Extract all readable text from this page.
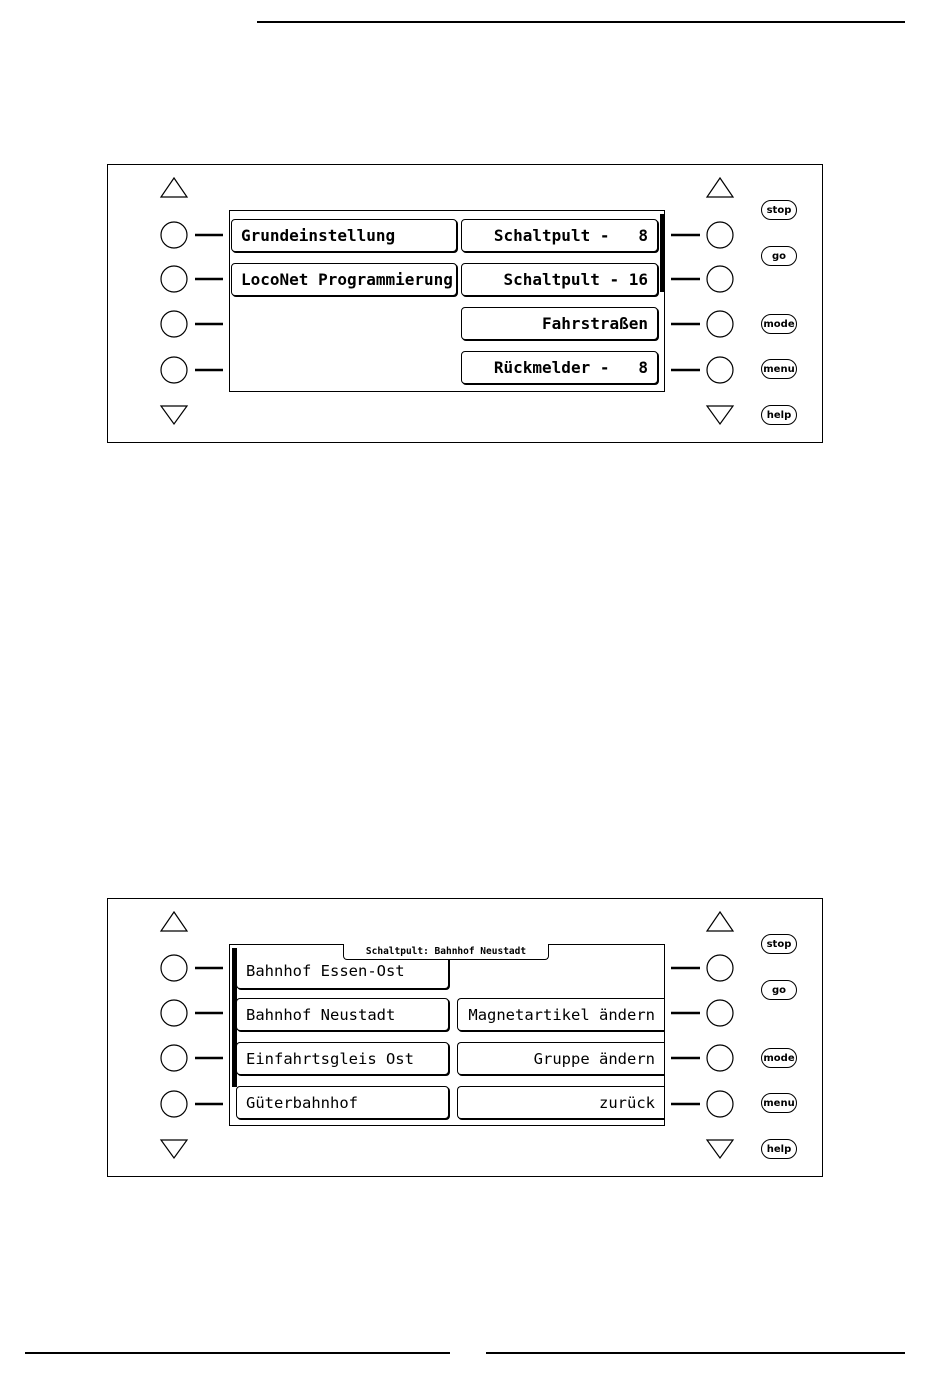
Grundeinstellung
LocoNet Programmierung
Schaltpult -   8
Schaltpult - 16
Fahrstraßen
Rückmelder -   8
stop
go
mode
menu
help
Bahnhof Essen-Ost
Bahnhof Neustadt
Einfahrtsgleis Ost
Güterbahnhof
Magnetartikel ändern
Gruppe ändern
zurück
Schaltpult: Bahnhof Neustadt
stop
go
mode
menu
help
